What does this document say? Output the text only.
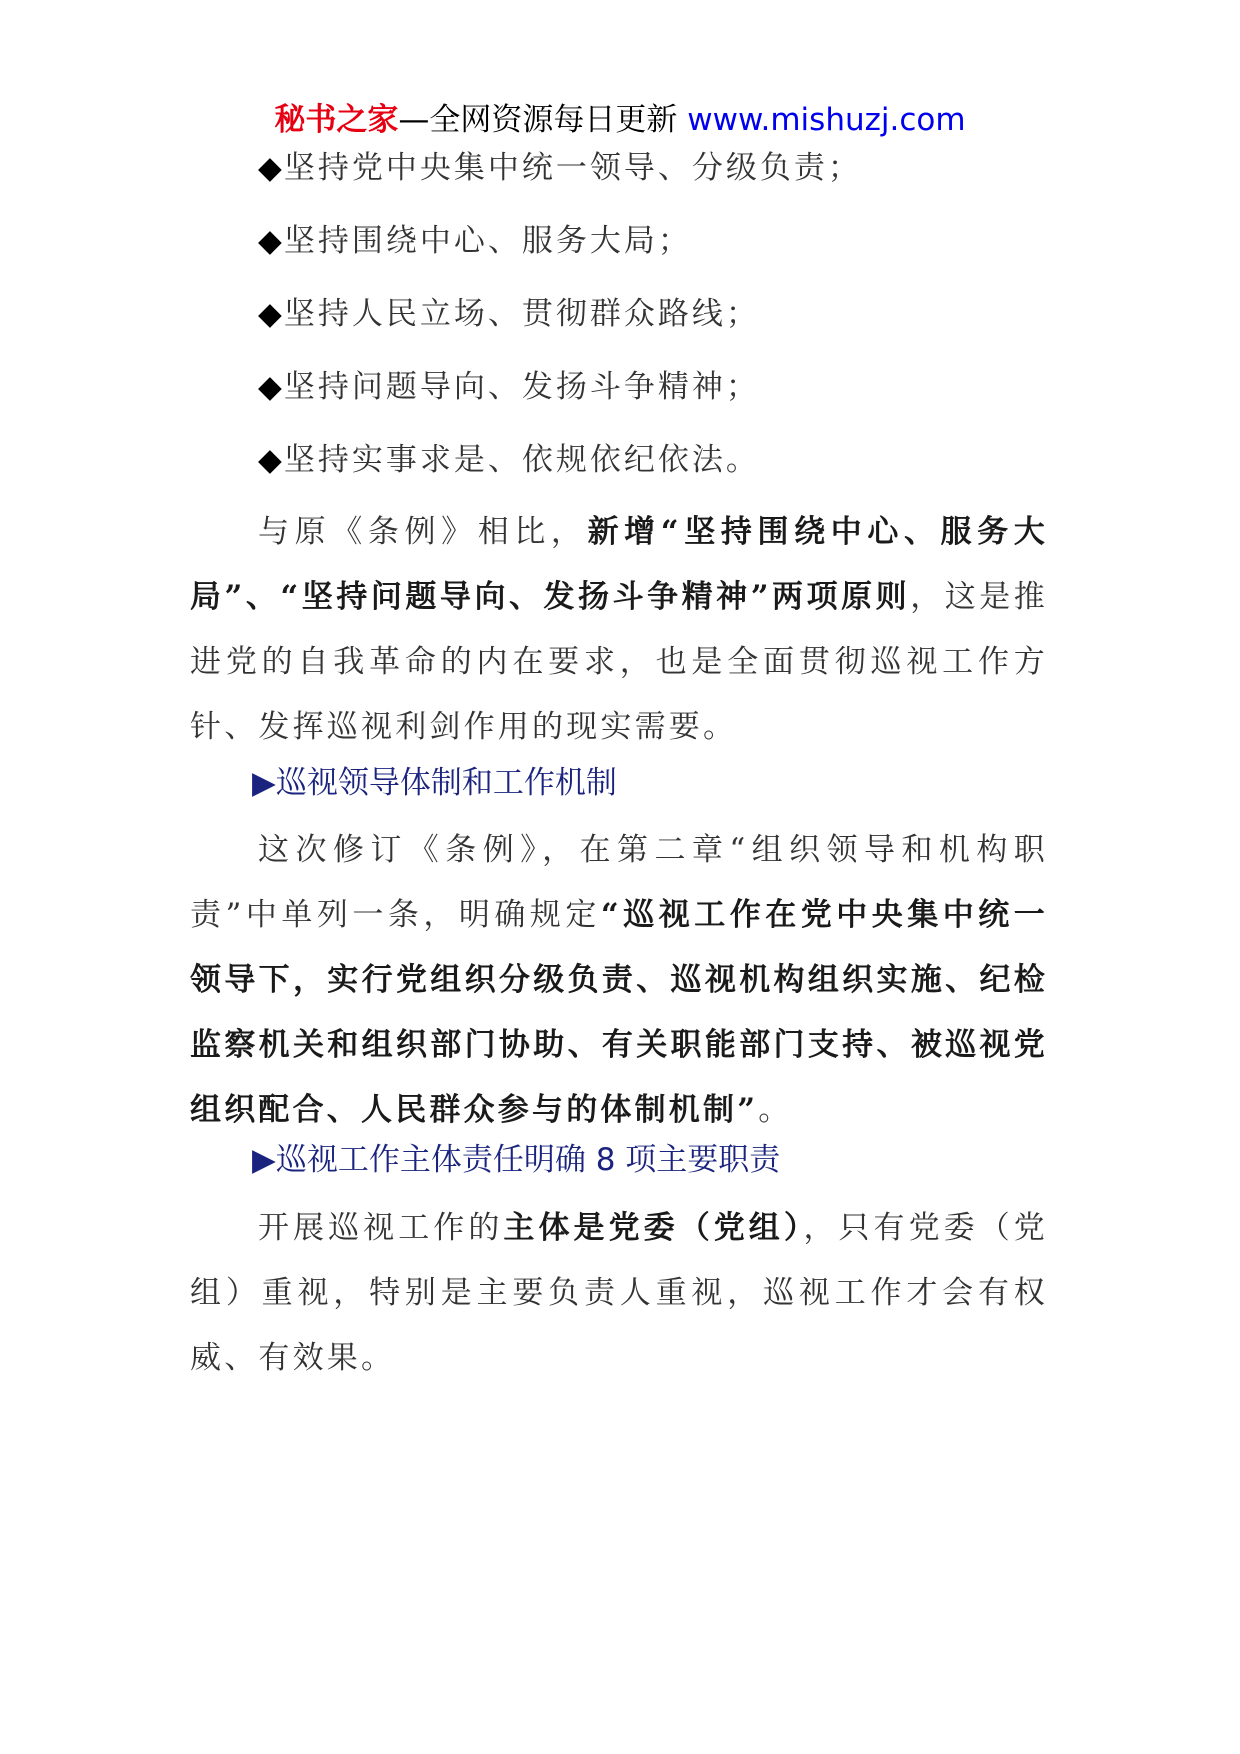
秘书之家—全网资源每日更新 www.mishuzj.com
◆坚持党中央集中统一领导、分级负责；
◆坚持围绕中心、服务大局；
◆坚持人民立场、贯彻群众路线；
◆坚持问题导向、发扬斗争精神；
◆坚持实事求是、依规依纪依法。

与原《条例》相比，新增“坚持围绕中心、服务大局”、“坚持问题导向、发扬斗争精神”两项原则，这是推进党的自我革命的内在要求，也是全面贯彻巡视工作方针、发挥巡视利剑作用的现实需要。

▶巡视领导体制和工作机制

这次修订《条例》，在第二章“组织领导和机构职责”中单列一条，明确规定“巡视工作在党中央集中统一领导下，实行党组织分级负责、巡视机构组织实施、纪检监察机关和组织部门协助、有关职能部门支持、被巡视党组织配合、人民群众参与的体制机制”。

▶巡视工作主体责任明确 8 项主要职责

开展巡视工作的主体是党委（党组），只有党委（党组）重视，特别是主要负责人重视，巡视工作才会有权威、有效果。
